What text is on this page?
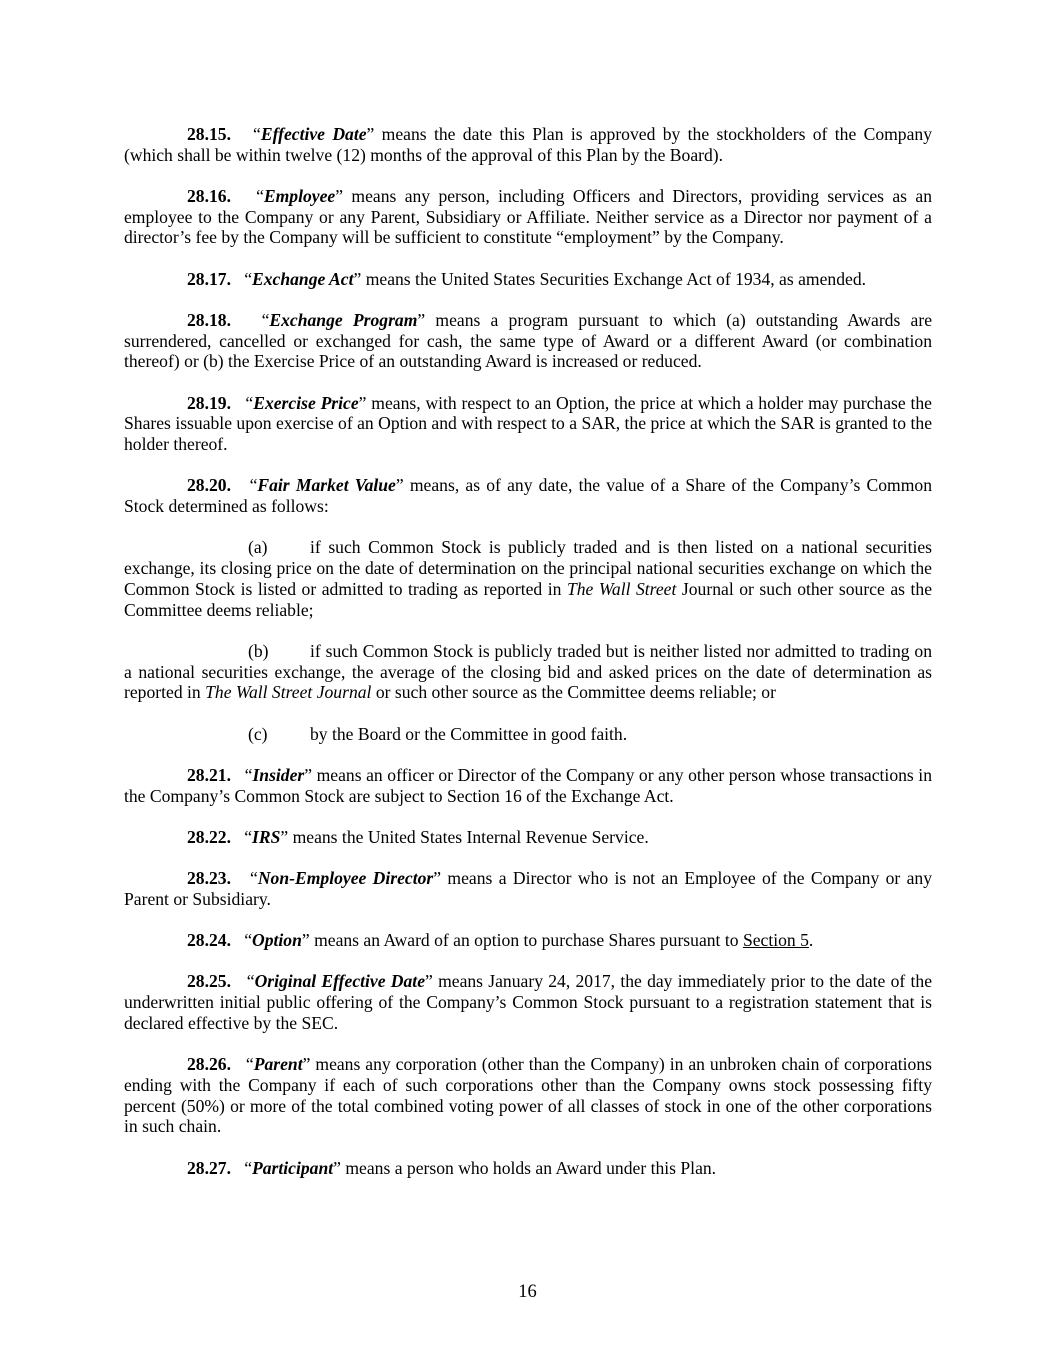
28.15. “Effective Date” means the date this Plan is approved by the stockholders of the Company (which shall be within twelve (12) months of the approval of this Plan by the Board).

28.16. “Employee” means any person, including Officers and Directors, providing services as an employee to the Company or any Parent, Subsidiary or Affiliate. Neither service as a Director nor payment of a director’s fee by the Company will be sufficient to constitute “employment” by the Company.

28.17. “Exchange Act” means the United States Securities Exchange Act of 1934, as amended.

28.18. “Exchange Program” means a program pursuant to which (a) outstanding Awards are surrendered, cancelled or exchanged for cash, the same type of Award or a different Award (or combination thereof) or (b) the Exercise Price of an outstanding Award is increased or reduced.

28.19. “Exercise Price” means, with respect to an Option, the price at which a holder may purchase the Shares issuable upon exercise of an Option and with respect to a SAR, the price at which the SAR is granted to the holder thereof.

28.20. “Fair Market Value” means, as of any date, the value of a Share of the Company’s Common Stock determined as follows:

(a) if such Common Stock is publicly traded and is then listed on a national securities exchange, its closing price on the date of determination on the principal national securities exchange on which the Common Stock is listed or admitted to trading as reported in The Wall Street Journal or such other source as the Committee deems reliable;

(b) if such Common Stock is publicly traded but is neither listed nor admitted to trading on a national securities exchange, the average of the closing bid and asked prices on the date of determination as reported in The Wall Street Journal or such other source as the Committee deems reliable; or

(c) by the Board or the Committee in good faith.

28.21. “Insider” means an officer or Director of the Company or any other person whose transactions in the Company’s Common Stock are subject to Section 16 of the Exchange Act.

28.22. “IRS” means the United States Internal Revenue Service.

28.23. “Non-Employee Director” means a Director who is not an Employee of the Company or any Parent or Subsidiary.

28.24. “Option” means an Award of an option to purchase Shares pursuant to Section 5.

28.25. “Original Effective Date” means January 24, 2017, the day immediately prior to the date of the underwritten initial public offering of the Company’s Common Stock pursuant to a registration statement that is declared effective by the SEC.

28.26. “Parent” means any corporation (other than the Company) in an unbroken chain of corporations ending with the Company if each of such corporations other than the Company owns stock possessing fifty percent (50%) or more of the total combined voting power of all classes of stock in one of the other corporations in such chain.

28.27. “Participant” means a person who holds an Award under this Plan.

16
